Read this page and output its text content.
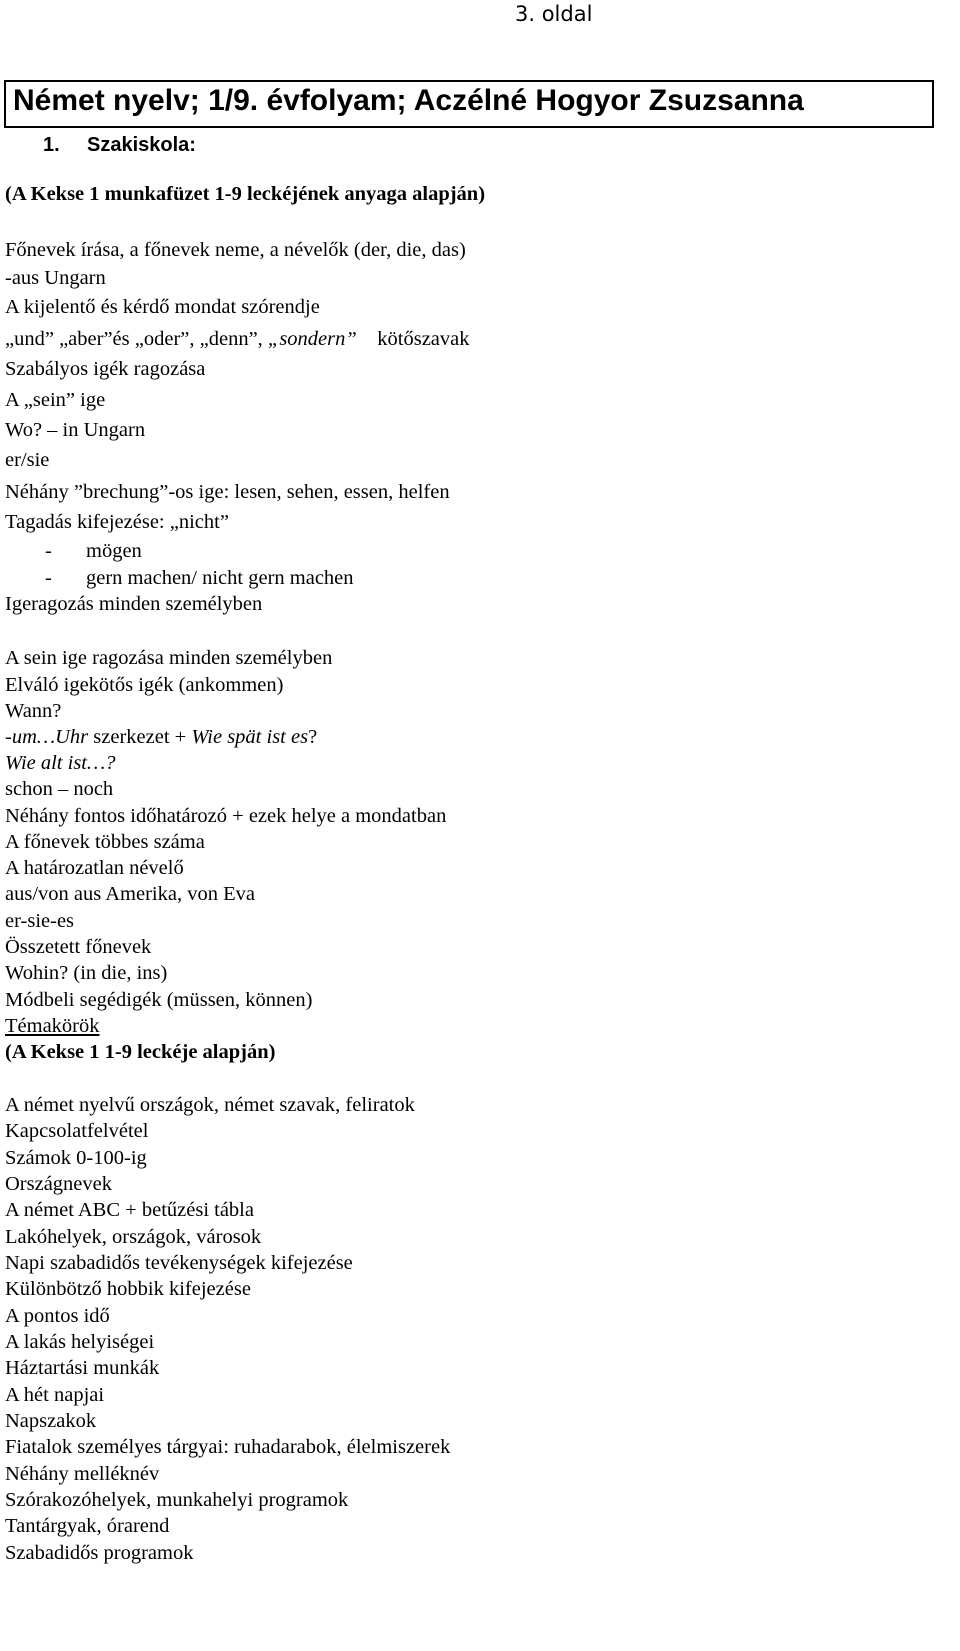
3. oldal
Német nyelv; 1/9. évfolyam; Aczélné Hogyor Zsuzsanna
1. Szakiskola:
(A Kekse 1 munkafüzet 1-9 leckéjének anyaga alapján)
Főnevek írása, a főnevek neme, a névelők (der, die, das)
-aus Ungarn
A kijelentő és kérdő mondat szórendje
„und” „aber”és „oder”, „denn”, „sondern” kötőszavak
Szabályos igék ragozása
A „sein” ige
Wo? – in Ungarn
er/sie
Néhány ”brechung”-os ige: lesen, sehen, essen, helfen
Tagadás kifejezése: „nicht”
- mögen
- gern machen/ nicht gern machen
Igeragozás minden személyben
A sein ige ragozása minden személyben
Elváló igekötős igék (ankommen)
Wann?
-um…Uhr szerkezet + Wie spät ist es?
Wie alt ist…?
schon – noch
Néhány fontos időhatározó + ezek helye a mondatban
A főnevek többes száma
A határozatlan névelő
aus/von aus Amerika, von Eva
er-sie-es
Összetett főnevek
Wohin? (in die, ins)
Módbeli segédigék (müssen, können)
Témakörök
(A Kekse 1 1-9 leckéje alapján)
A német nyelvű országok, német szavak, feliratok
Kapcsolatfelvétel
Számok 0-100-ig
Országnevek
A német ABC + betűzési tábla
Lakóhelyek, országok, városok
Napi szabadidős tevékenységek kifejezése
Különbötző hobbik kifejezése
A pontos idő
A lakás helyiségei
Háztartási munkák
A hét napjai
Napszakok
Fiatalok személyes tárgyai: ruhadarabok, élelmiszerek
Néhány melléknév
Szórakozóhelyek, munkahelyi programok
Tantárgyak, órarend
Szabadidős programok
